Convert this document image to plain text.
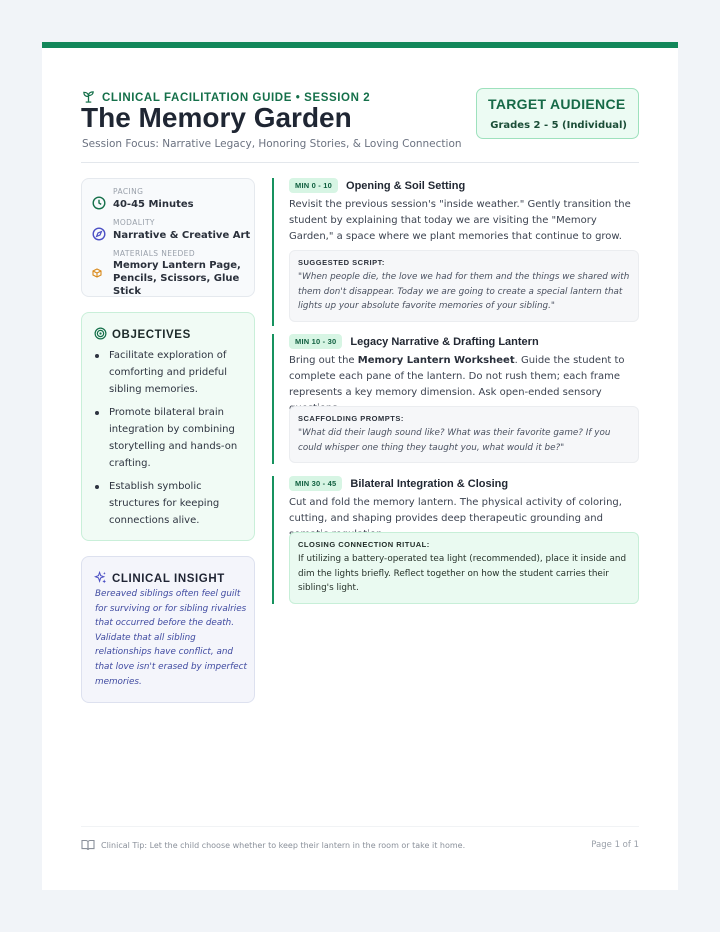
CLINICAL FACILITATION GUIDE • SESSION 2
The Memory Garden
Session Focus: Narrative Legacy, Honoring Stories, & Loving Connection
TARGET AUDIENCE
Grades 2 - 5 (Individual)
PACING
40-45 Minutes
MODALITY
Narrative & Creative Art
MATERIALS NEEDED
Memory Lantern Page, Pencils, Scissors, Glue Stick
OBJECTIVES
Facilitate exploration of comforting and prideful sibling memories.
Promote bilateral brain integration by combining storytelling and hands-on crafting.
Establish symbolic structures for keeping connections alive.
CLINICAL INSIGHT
Bereaved siblings often feel guilt for surviving or for sibling rivalries that occurred before the death. Validate that all sibling relationships have conflict, and that love isn't erased by imperfect memories.
MIN 0 - 10	Opening & Soil Setting
Revisit the previous session's "inside weather." Gently transition the student by explaining that today we are visiting the "Memory Garden," a space where we plant memories that continue to grow.
SUGGESTED SCRIPT:
"When people die, the love we had for them and the things we shared with them don't disappear. Today we are going to create a special lantern that lights up your absolute favorite memories of your sibling."
MIN 10 - 30	Legacy Narrative & Drafting Lantern
Bring out the Memory Lantern Worksheet. Guide the student to complete each pane of the lantern. Do not rush them; each frame represents a key memory dimension. Ask open-ended sensory
SCAFFOLDING PROMPTS:
"What did their laugh sound like? What was their favorite game? If you could whisper one thing they taught you, what would it be?"
MIN 30 - 45	Bilateral Integration & Closing
Cut and fold the memory lantern. The physical activity of coloring, cutting, and shaping provides deep therapeutic grounding and
CLOSING CONNECTION RITUAL:
If utilizing a battery-operated tea light (recommended), place it inside and dim the lights briefly. Reflect together on how the student carries their sibling's light.
Clinical Tip: Let the child choose whether to keep their lantern in the room or take it home.	Page 1 of 1
